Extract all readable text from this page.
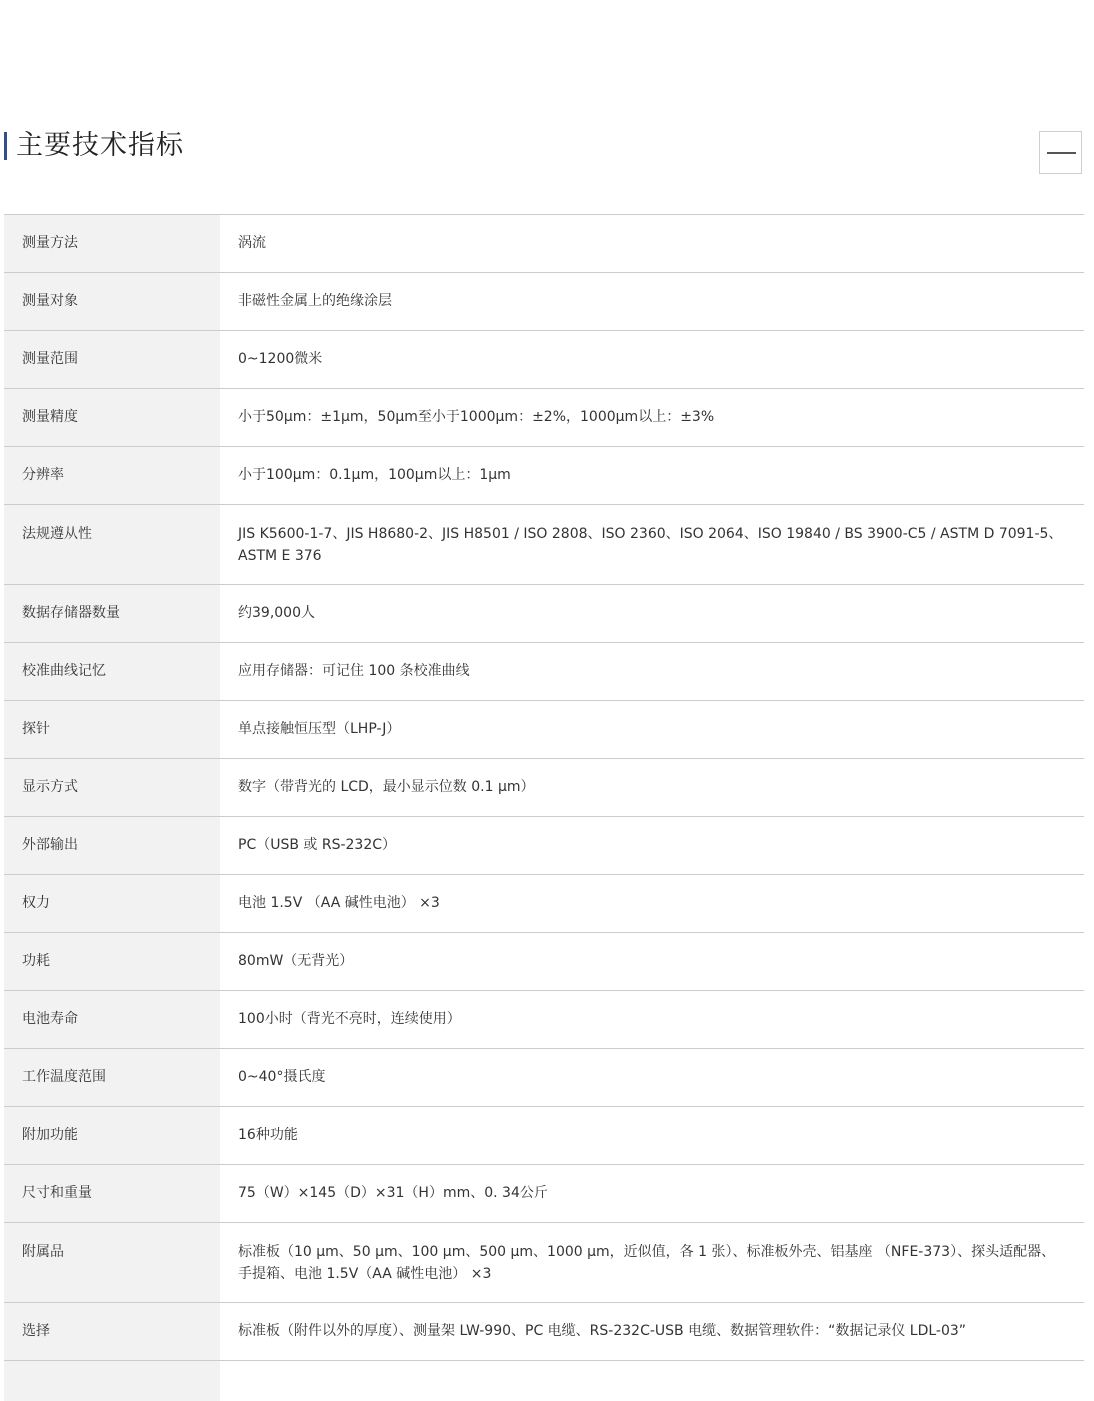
主要技术指标
测量方法	涡流
测量对象	非磁性金属上的绝缘涂层
测量范围	0~1200微米
测量精度	小于50μm：±1μm，50μm至小于1000μm：±2%，1000μm以上：±3%
分辨率	小于100μm：0.1μm，100μm以上：1μm
法规遵从性	JIS K5600-1-7、JIS H8680-2、JIS H8501 / ISO 2808、ISO 2360、ISO 2064、ISO 19840 / BS 3900-C5 / ASTM D 7091-5、ASTM E 376
数据存储器数量	约39,000人
校准曲线记忆	应用存储器：可记住 100 条校准曲线
探针	单点接触恒压型（LHP-J）
显示方式	数字（带背光的 LCD，最小显示位数 0.1 μm）
外部输出	PC（USB 或 RS-232C）
权力	电池 1.5V （AA 碱性电池） ×3
功耗	80mW（无背光）
电池寿命	100小时（背光不亮时，连续使用）
工作温度范围	0~40°摄氏度
附加功能	16种功能
尺寸和重量	75（W）×145（D）×31（H）mm、0. 34公斤
附属品	标准板（10 μm、50 μm、100 μm、500 μm、1000 μm，近似值，各 1 张）、标准板外壳、铝基座 （NFE-373）、探头适配器、手提箱、电池 1.5V（AA 碱性电池） ×3
选择	标准板（附件以外的厚度）、测量架 LW-990、PC 电缆、RS-232C-USB 电缆、数据管理软件：“数据记录仪 LDL-03”
